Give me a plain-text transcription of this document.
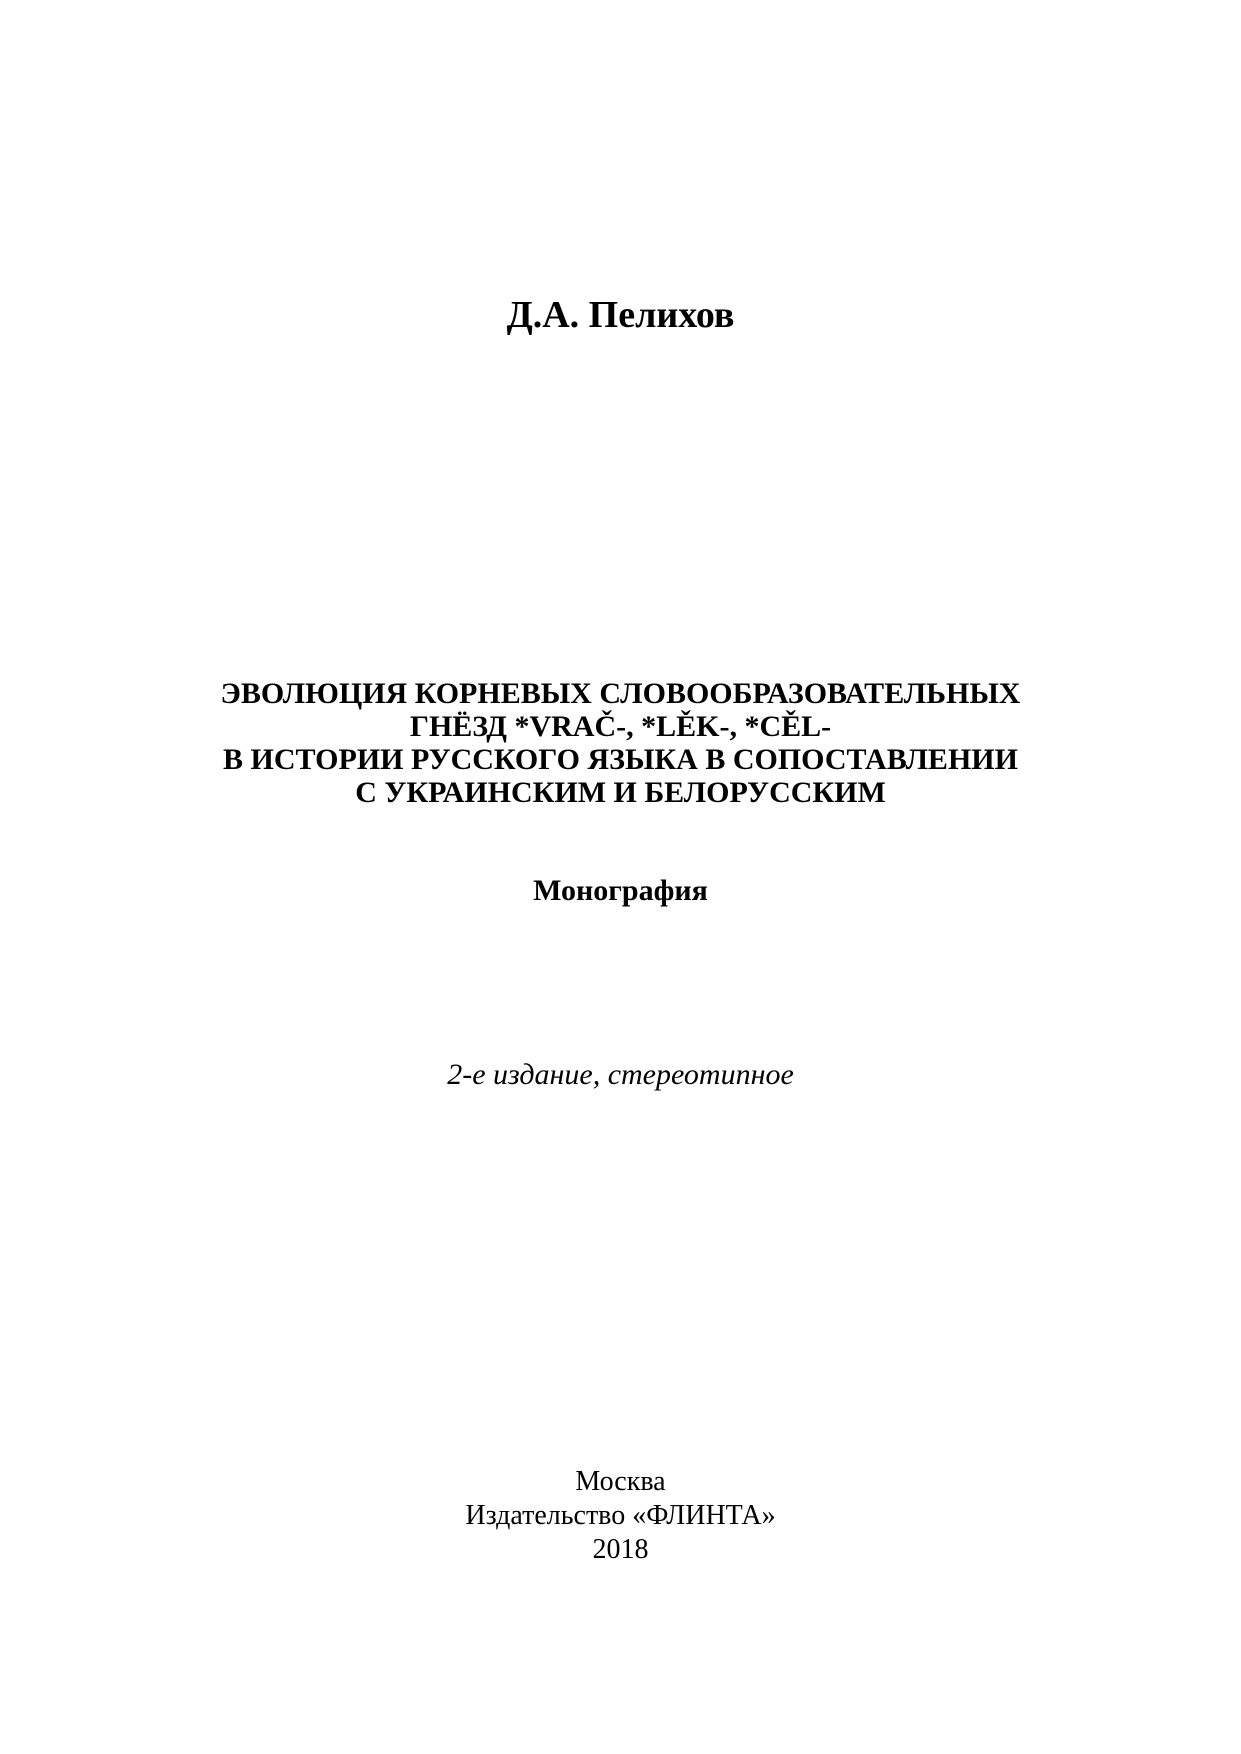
Д.А. Пелихов
ЭВОЛЮЦИЯ КОРНЕВЫХ СЛОВООБРАЗОВАТЕЛЬНЫХ
ГНЁЗД *VRAČ-, *LĚK-, *CĚL-
В ИСТОРИИ РУССКОГО ЯЗЫКА В СОПОСТАВЛЕНИИ
С УКРАИНСКИМ И БЕЛОРУССКИМ

Монография

2-е издание, стереотипное

Москва
Издательство «ФЛИНТА»
2018
